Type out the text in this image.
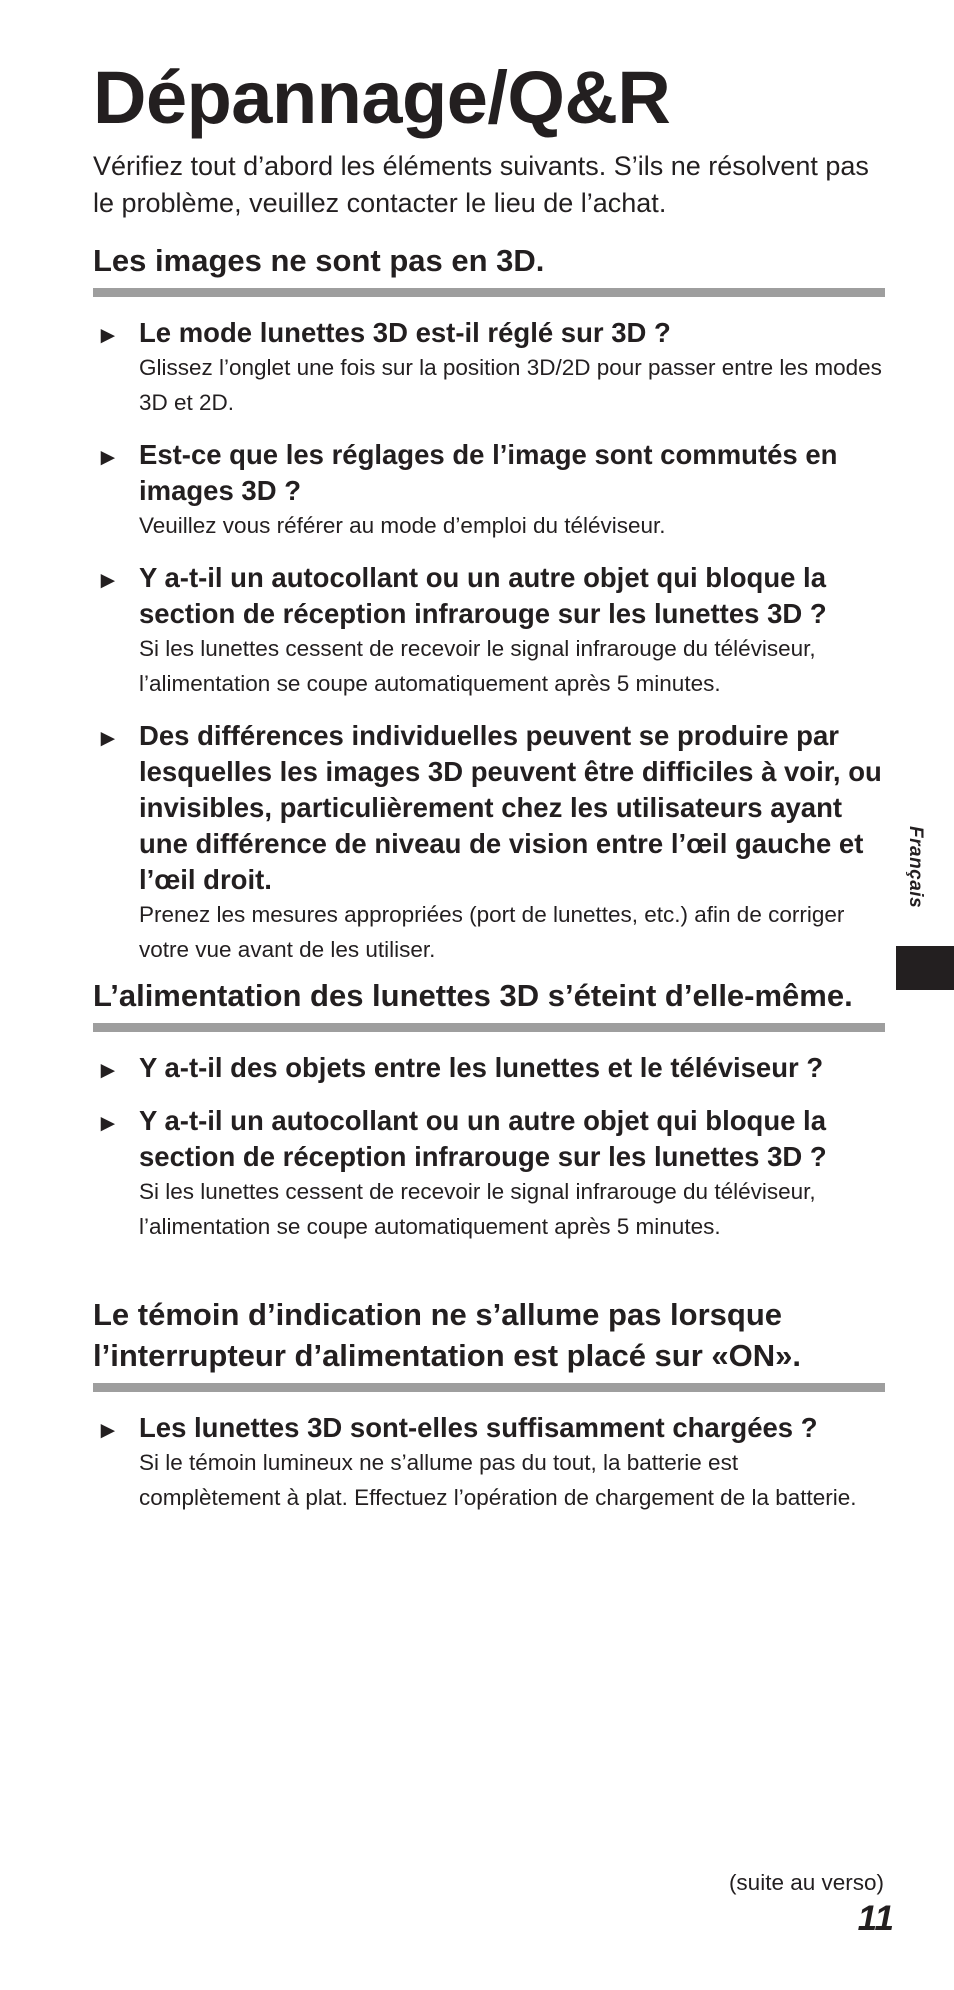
Dépannage/Q&R

Vérifiez tout d’abord les éléments suivants. S’ils ne résolvent pas le problème, veuillez contacter le lieu de l’achat.

Les images ne sont pas en 3D.
► Le mode lunettes 3D est-il réglé sur 3D ?
Glissez l’onglet une fois sur la position 3D/2D pour passer entre les modes 3D et 2D.
► Est-ce que les réglages de l’image sont commutés en images 3D ?
Veuillez vous référer au mode d’emploi du téléviseur.
► Y a-t-il un autocollant ou un autre objet qui bloque la section de réception infrarouge sur les lunettes 3D ?
Si les lunettes cessent de recevoir le signal infrarouge du téléviseur, l’alimentation se coupe automatiquement après 5 minutes.
► Des différences individuelles peuvent se produire par lesquelles les images 3D peuvent être difficiles à voir, ou invisibles, particulièrement chez les utilisateurs ayant une différence de niveau de vision entre l’œil gauche et l’œil droit.
Prenez les mesures appropriées (port de lunettes, etc.) afin de corriger votre vue avant de les utiliser.
L’alimentation des lunettes 3D s’éteint d’elle-même.
► Y a-t-il des objets entre les lunettes et le téléviseur ?
► Y a-t-il un autocollant ou un autre objet qui bloque la section de réception infrarouge sur les lunettes 3D ?
Si les lunettes cessent de recevoir le signal infrarouge du téléviseur, l’alimentation se coupe automatiquement après 5 minutes.
Le témoin d’indication ne s’allume pas lorsque l’interrupteur d’alimentation est placé sur «ON».
► Les lunettes 3D sont-elles suffisamment chargées ?
Si le témoin lumineux ne s’allume pas du tout, la batterie est complètement à plat. Effectuez l’opération de chargement de la batterie.
Français
(suite au verso)
11
